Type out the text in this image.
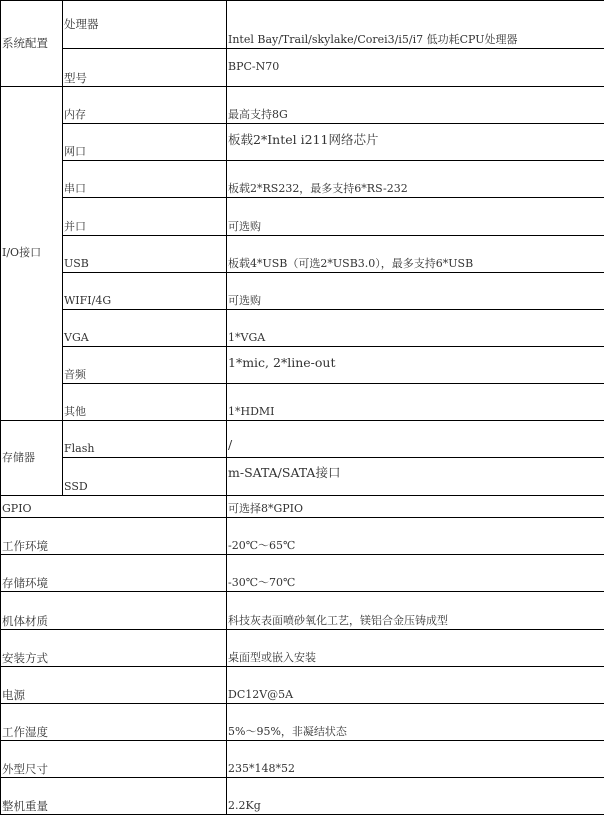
系统配置	处理器	Intel Bay/Trail/skylake/Corei3/i5/i7 低功耗CPU处理器
	型号	BPC-N70
I/O接口	内存	最高支持8G
	网口	板载2*Intel i211网络芯片
	串口	板载2*RS232，最多支持6*RS-232
	并口	可选购
	USB	板载4*USB（可选2*USB3.0），最多支持6*USB
	WIFI/4G	可选购
	VGA	1*VGA
	音频	1*mic, 2*line-out
	其他	1*HDMI
存储器	Flash	/
	SSD	m-SATA/SATA接口
GPIO		可选择8*GPIO
工作环境		-20℃～65℃
存储环境		-30℃～70℃
机体材质		科技灰表面喷砂氧化工艺，镁铝合金压铸成型
安装方式		桌面型或嵌入安装
电源		DC12V@5A
工作湿度		5%～95%，非凝结状态
外型尺寸		235*148*52
整机重量		2.2Kg
